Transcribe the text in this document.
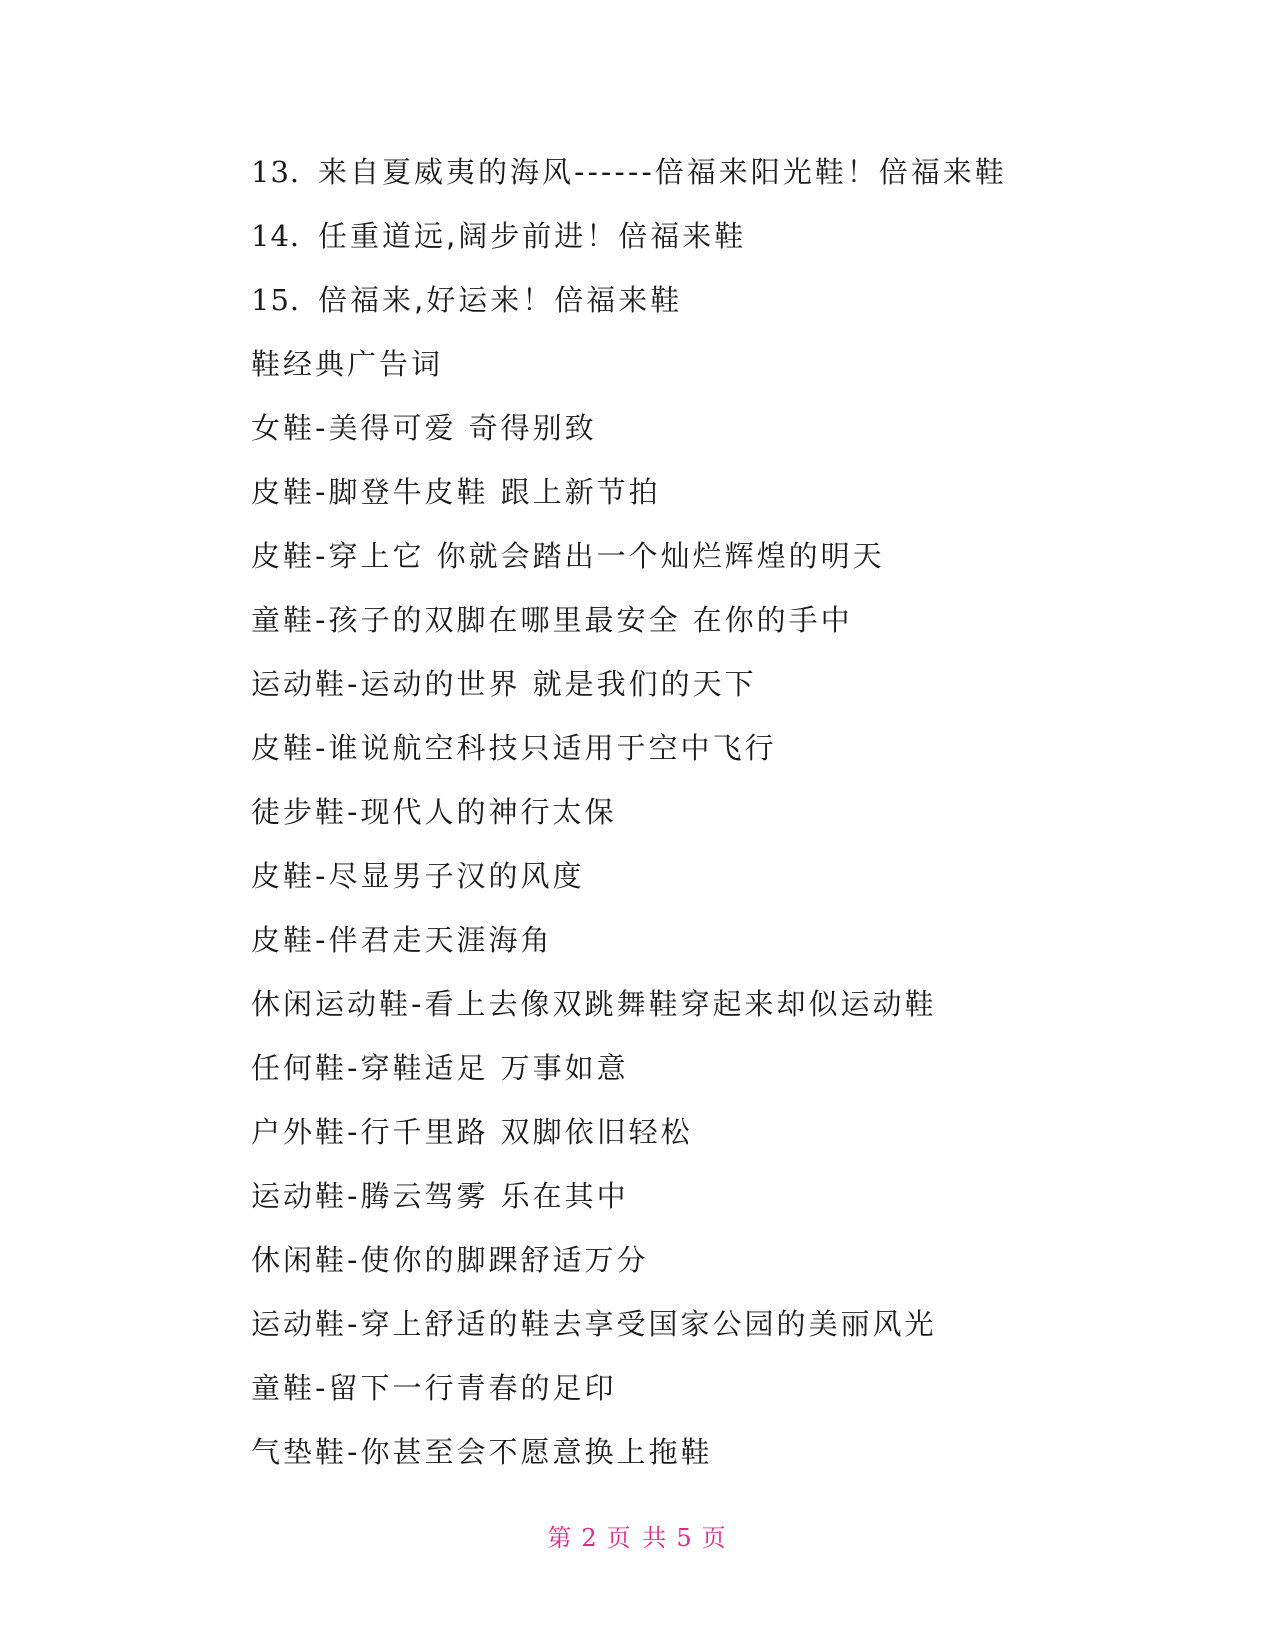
13. 来自夏威夷的海风------倍福来阳光鞋！倍福来鞋
14. 任重道远,阔步前进！倍福来鞋
15. 倍福来,好运来！倍福来鞋
鞋经典广告词
女鞋-美得可爱 奇得别致
皮鞋-脚登牛皮鞋 跟上新节拍
皮鞋-穿上它 你就会踏出一个灿烂辉煌的明天
童鞋-孩子的双脚在哪里最安全 在你的手中
运动鞋-运动的世界 就是我们的天下
皮鞋-谁说航空科技只适用于空中飞行
徒步鞋-现代人的神行太保
皮鞋-尽显男子汉的风度
皮鞋-伴君走天涯海角
休闲运动鞋-看上去像双跳舞鞋穿起来却似运动鞋
任何鞋-穿鞋适足 万事如意
户外鞋-行千里路 双脚依旧轻松
运动鞋-腾云驾雾 乐在其中
休闲鞋-使你的脚踝舒适万分
运动鞋-穿上舒适的鞋去享受国家公园的美丽风光
童鞋-留下一行青春的足印
气垫鞋-你甚至会不愿意换上拖鞋
第 2 页 共 5 页
